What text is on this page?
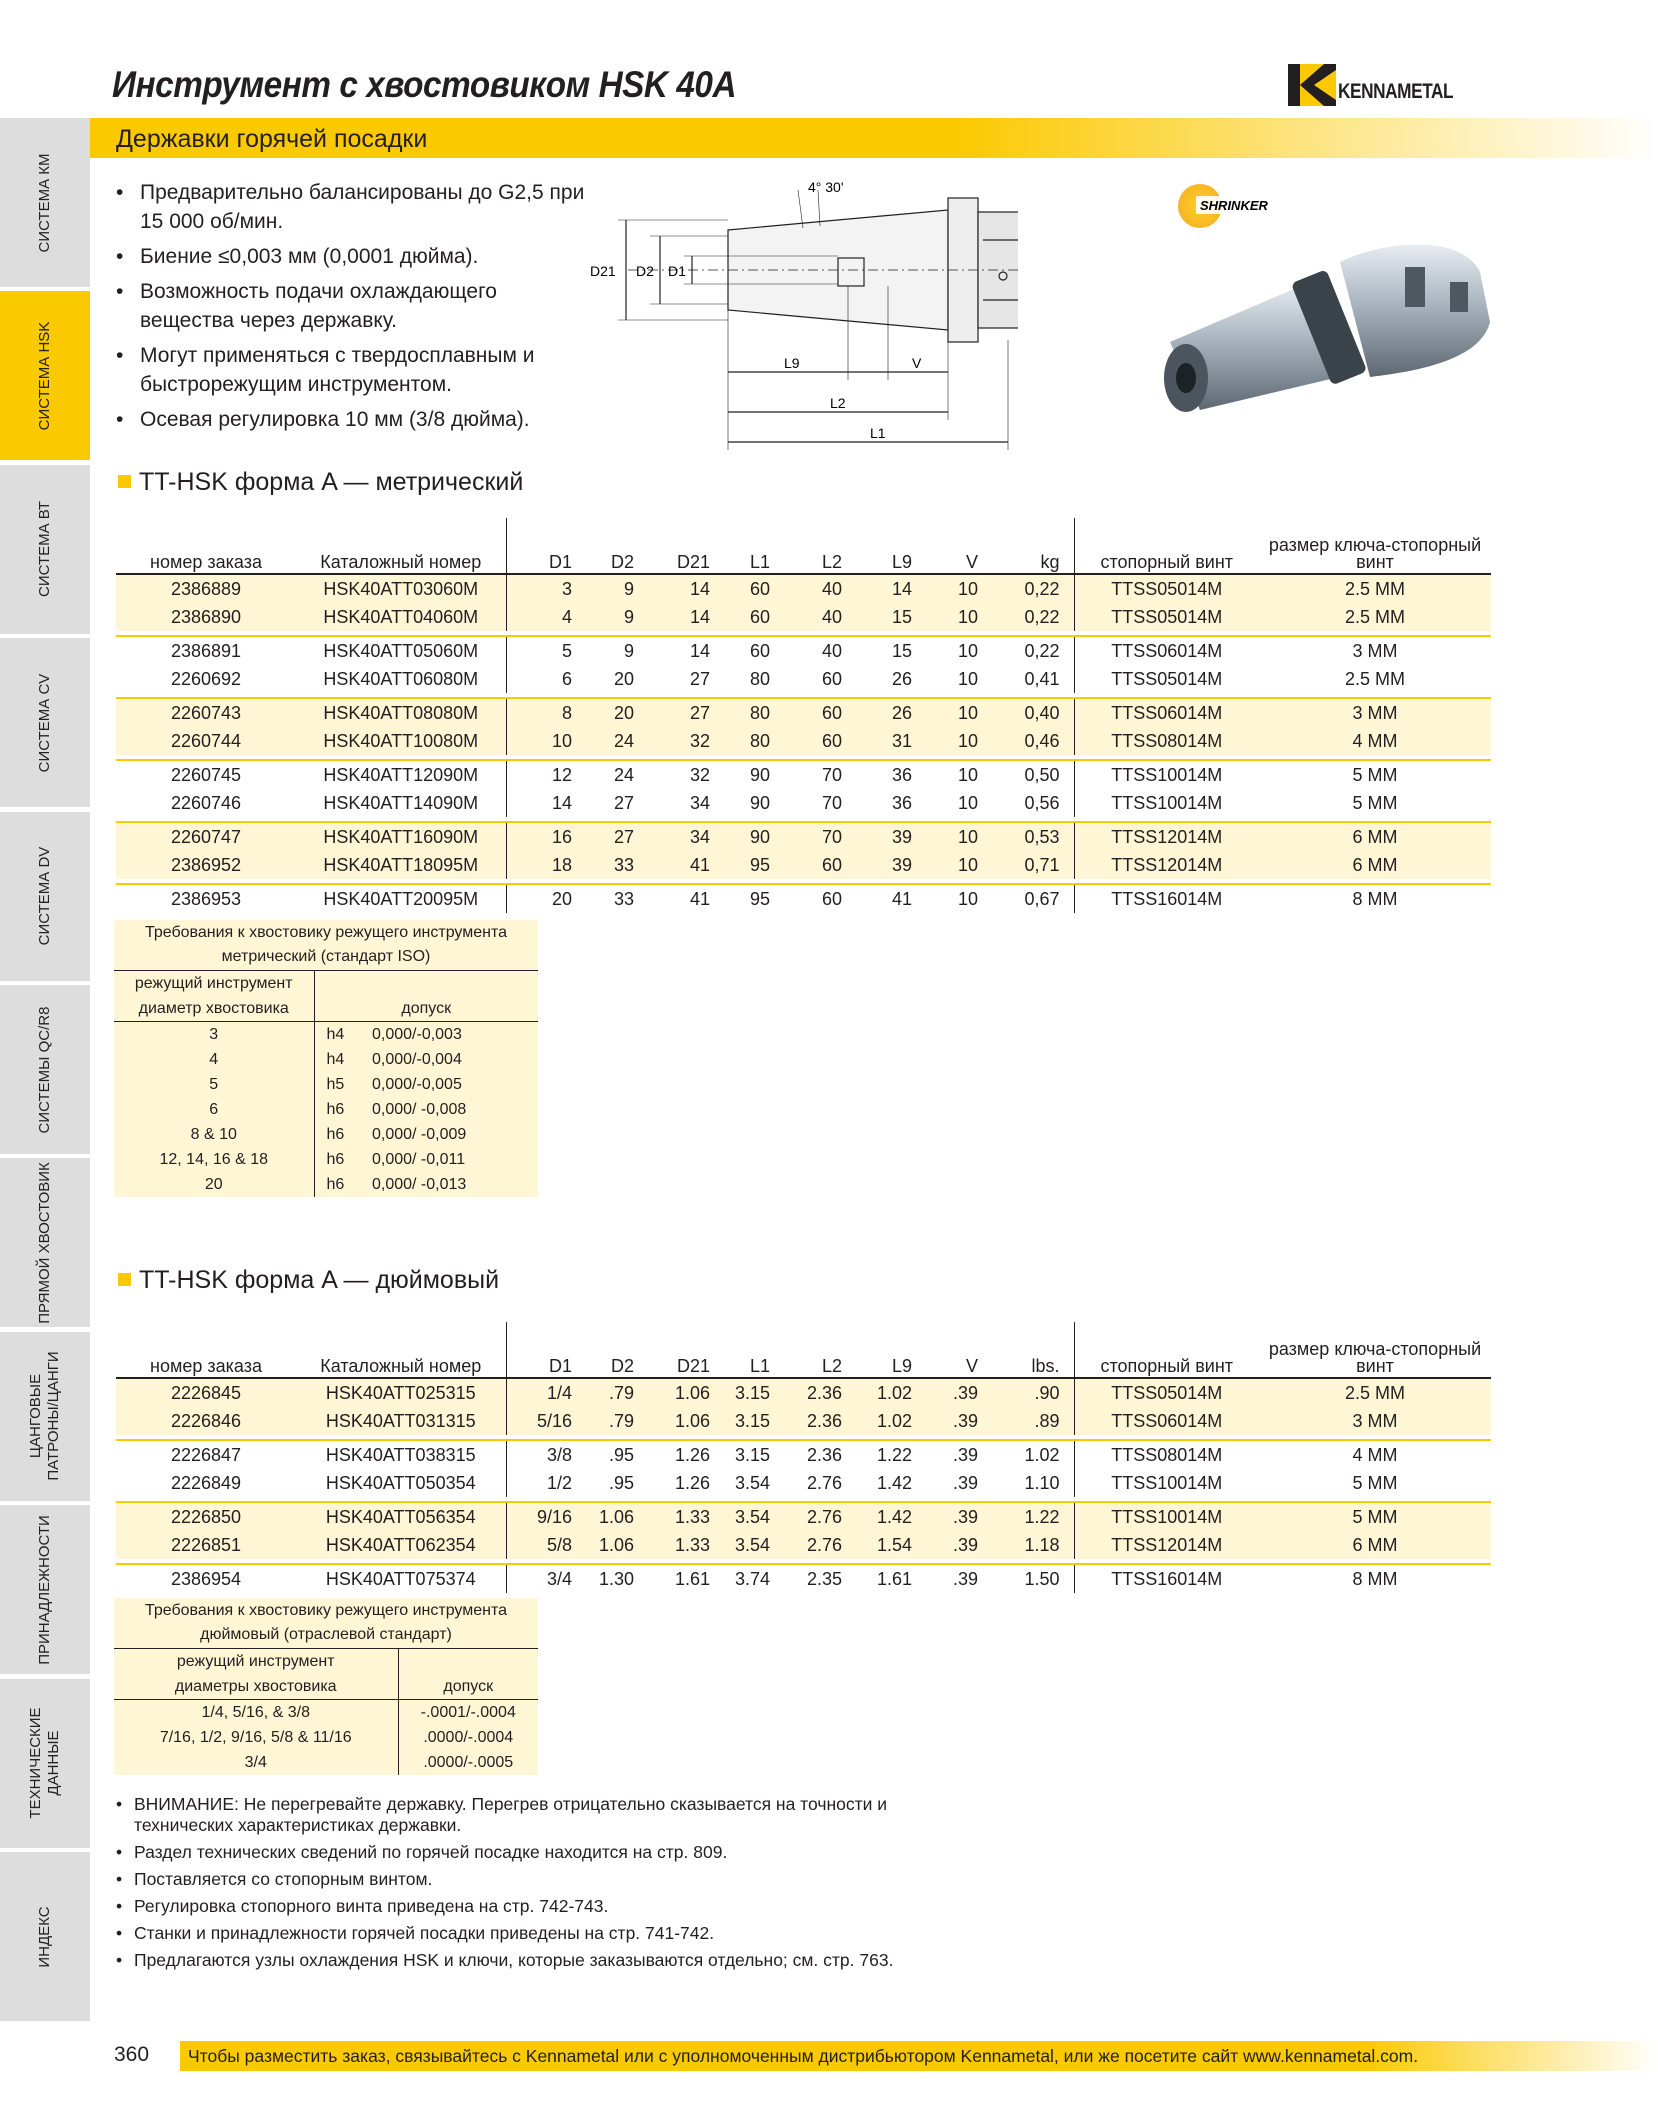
Инструмент с хвостовиком HSK 40A	KENNAMETAL
Державки горячей посадки
СИСТЕМА КМ
СИСТЕМА HSK
СИСТЕМА ВТ
СИСТЕМА CV
СИСТЕМА DV
СИСТЕМЫ QC/R8
ПРЯМОЙ ХВОСТОВИК
ЦАНГОВЫЕ ПАТРОНЫ/ЦАНГИ
ПРИНАДЛЕЖНОСТИ
ТЕХНИЧЕСКИЕ ДАННЫЕ
ИНДЕКС
• Предварительно балансированы до G2,5 при 15 000 об/мин.
• Биение ≤0,003 мм (0,0001 дюйма).
• Возможность подачи охлаждающего вещества через державку.
• Могут применяться с твердосплавным и быстрорежущим инструментом.
• Осевая регулировка 10 мм (3/8 дюйма).
4° 30'
D21 D2 D1
L9	V
L2
L1
SHRINKER
TT-HSK форма A — метрический
номер заказа	Каталожный номер	D1	D2	D21	L1	L2	L9	V	kg	стопорный винт	размер ключа-стопорный винт
2386889	HSK40ATT03060M	3	9	14	60	40	14	10	0,22	TTSS05014M	2.5 MM
2386890	HSK40ATT04060M	4	9	14	60	40	15	10	0,22	TTSS05014M	2.5 MM

2386891	HSK40ATT05060M	5	9	14	60	40	15	10	0,22	TTSS06014M	3 MM
2260692	HSK40ATT06080M	6	20	27	80	60	26	10	0,41	TTSS05014M	2.5 MM

2260743	HSK40ATT08080M	8	20	27	80	60	26	10	0,40	TTSS06014M	3 MM
2260744	HSK40ATT10080M	10	24	32	80	60	31	10	0,46	TTSS08014M	4 MM

2260745	HSK40ATT12090M	12	24	32	90	70	36	10	0,50	TTSS10014M	5 MM
2260746	HSK40ATT14090M	14	27	34	90	70	36	10	0,56	TTSS10014M	5 MM

2260747	HSK40ATT16090M	16	27	34	90	70	39	10	0,53	TTSS12014M	6 MM
2386952	HSK40ATT18095M	18	33	41	95	60	39	10	0,71	TTSS12014M	6 MM

2386953	HSK40ATT20095M	20	33	41	95	60	41	10	0,67	TTSS16014M	8 MM
Требования к хвостовику режущего инструмента		
метрический (стандарт ISO)		
режущий инструмент		
диаметр хвостовика	допуск	
3	h4	0,000/-0,003
4	h4	0,000/-0,004
5	h5	0,000/-0,005
6	h6	0,000/ -0,008
8 & 10	h6	0,000/ -0,009
12, 14, 16 & 18	h6	0,000/ -0,011
20	h6	0,000/ -0,013
TT-HSK форма A — дюймовый
номер заказа	Каталожный номер	D1	D2	D21	L1	L2	L9	V	lbs.	стопорный винт	размер ключа-стопорный винт
2226845	HSK40ATT025315	1/4	.79	1.06	3.15	2.36	1.02	.39	.90	TTSS05014M	2.5 MM
2226846	HSK40ATT031315	5/16	.79	1.06	3.15	2.36	1.02	.39	.89	TTSS06014M	3 MM

2226847	HSK40ATT038315	3/8	.95	1.26	3.15	2.36	1.22	.39	1.02	TTSS08014M	4 MM
2226849	HSK40ATT050354	1/2	.95	1.26	3.54	2.76	1.42	.39	1.10	TTSS10014M	5 MM

2226850	HSK40ATT056354	9/16	1.06	1.33	3.54	2.76	1.42	.39	1.22	TTSS10014M	5 MM
2226851	HSK40ATT062354	5/8	1.06	1.33	3.54	2.76	1.54	.39	1.18	TTSS12014M	6 MM

2386954	HSK40ATT075374	3/4	1.30	1.61	3.74	2.35	1.61	.39	1.50	TTSS16014M	8 MM
Требования к хвостовику режущего инструмента	
дюймовый (отраслевой стандарт)	
режущий инструмент	
диаметры хвостовика	допуск
1/4, 5/16, & 3/8	-.0001/-.0004
7/16, 1/2, 9/16, 5/8 & 11/16	.0000/-.0004
3/4	.0000/-.0005
• ВНИМАНИЕ: Не перегревайте державку. Перегрев отрицательно сказывается на точности и технических характеристиках державки.
• Раздел технических сведений по горячей посадке находится на стр. 809.
• Поставляется со стопорным винтом.
• Регулировка стопорного винта приведена на стр. 742-743.
• Станки и принадлежности горячей посадки приведены на стр. 741-742.
• Предлагаются узлы охлаждения HSK и ключи, которые заказываются отдельно; см. стр. 763.
360 Чтобы разместить заказ, связывайтесь с Kennametal или с уполномоченным дистрибьютором Kennametal, или же посетите сайт www.kennametal.com.
